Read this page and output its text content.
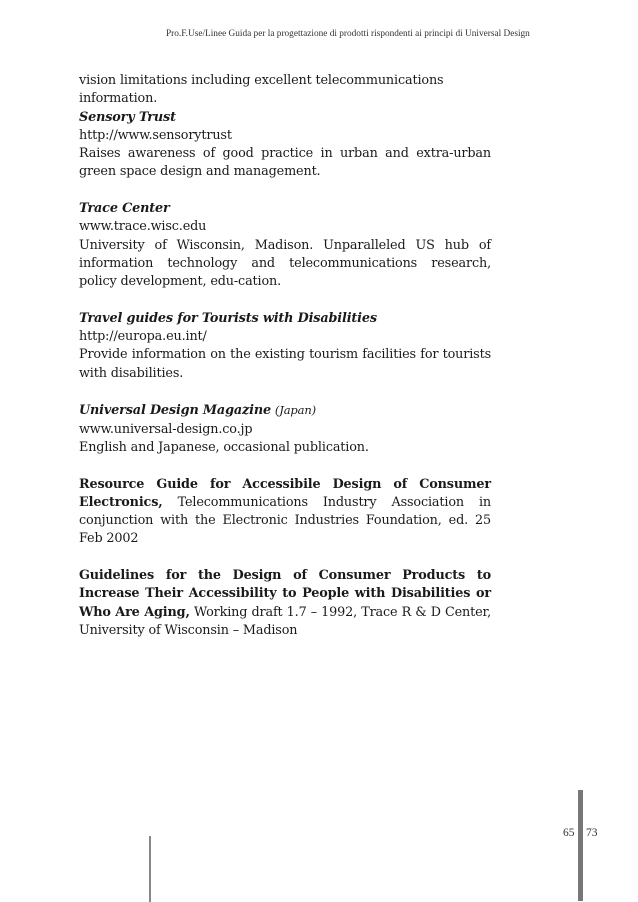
Pro.F.Use/Linee Guida per la progettazione di prodotti rispondenti ai principi di Universal Design

vision limitations including excellent telecommunications information.

Sensory Trust

http://www.sensorytrust

Raises awareness of good practice in urban and extra-urban green space design and management.

Trace Center

www.trace.wisc.edu

University of Wisconsin, Madison. Unparalleled US hub of information technology and telecommunications research, policy development, edu-cation.

Travel guides for Tourists with Disabilities

http://europa.eu.int/

Provide information on the existing tourism facilities for tourists with disabilities.

Universal Design Magazine (Japan)

www.universal-design.co.jp

English and Japanese, occasional publication.

Resource Guide for Accessibile Design of Consumer Electronics, Telecommunications Industry Association in conjunction with the Electronic Industries Foundation, ed. 25 Feb 2002

Guidelines for the Design of Consumer Products to Increase Their Accessibility to People with Disabilities or Who Are Aging, Working draft 1.7 – 1992, Trace R & D Center, University of Wisconsin – Madison

65 73
